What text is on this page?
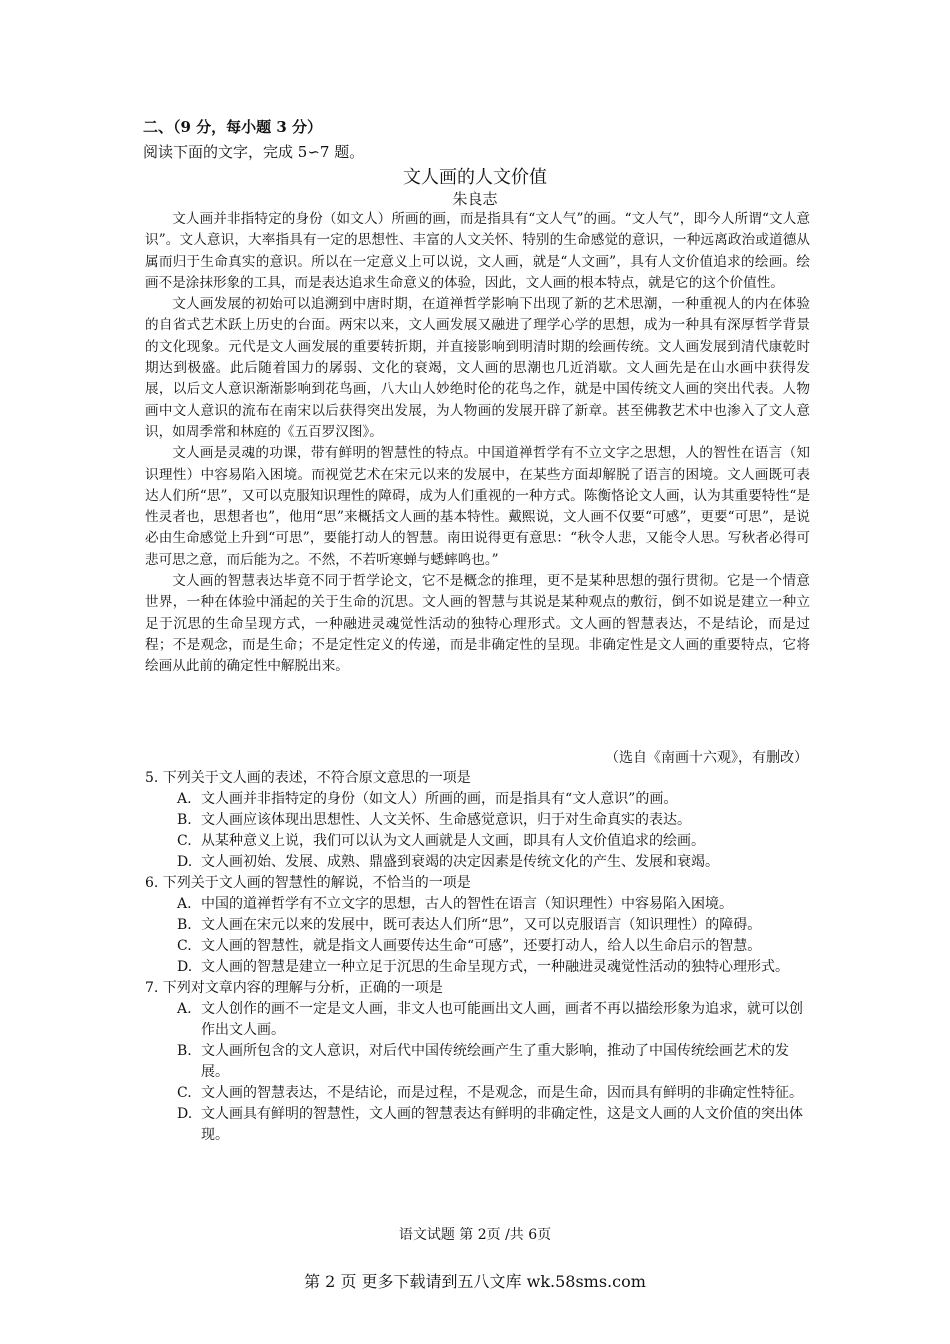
二、（9 分，每小题 3 分）
阅读下面的文字，完成 5∽7 题。
文人画的人文价值
朱良志

文人画并非指特定的身份（如文人）所画的画，而是指具有“文人气”的画。“文人气”，即今人所谓“文人意识”。文人意识，大率指具有一定的思想性、丰富的人文关怀、特别的生命感觉的意识，一种远离政治或道德从属而归于生命真实的意识。所以在一定意义上可以说，文人画，就是“人文画”，具有人文价值追求的绘画。绘画不是涂抹形象的工具，而是表达追求生命意义的体验，因此，文人画的根本特点，就是它的这个价值性。

文人画发展的初始可以追溯到中唐时期，在道禅哲学影响下出现了新的艺术思潮，一种重视人的内在体验的自省式艺术跃上历史的台面。两宋以来，文人画发展又融进了理学心学的思想，成为一种具有深厚哲学背景的文化现象。元代是文人画发展的重要转折期，并直接影响到明清时期的绘画传统。文人画发展到清代康乾时期达到极盛。此后随着国力的孱弱、文化的衰竭，文人画的思潮也几近消歇。文人画先是在山水画中获得发展，以后文人意识渐渐影响到花鸟画，八大山人妙绝时伦的花鸟之作，就是中国传统文人画的突出代表。人物画中文人意识的流布在南宋以后获得突出发展，为人物画的发展开辟了新章。甚至佛教艺术中也渗入了文人意识，如周季常和林庭的《五百罗汉图》。

文人画是灵魂的功课，带有鲜明的智慧性的特点。中国道禅哲学有不立文字之思想，人的智性在语言（知识理性）中容易陷入困境。而视觉艺术在宋元以来的发展中，在某些方面却解脱了语言的困境。文人画既可表达人们所“思”，又可以克服知识理性的障碍，成为人们重视的一种方式。陈衡恪论文人画，认为其重要特性“是性灵者也，思想者也”，他用“思”来概括文人画的基本特性。戴熙说，文人画不仅要“可感”，更要“可思”，是说必由生命感觉上升到“可思”，要能打动人的智慧。南田说得更有意思：“秋令人悲，又能令人思。写秋者必得可悲可思之意，而后能为之。不然，不若听寒蝉与蟋蟀鸣也。”

文人画的智慧表达毕竟不同于哲学论文，它不是概念的推理，更不是某种思想的强行贯彻。它是一个情意世界，一种在体验中涌起的关于生命的沉思。文人画的智慧与其说是某种观点的敷衍，倒不如说是建立一种立足于沉思的生命呈现方式，一种融进灵魂觉性活动的独特心理形式。文人画的智慧表达，不是结论，而是过程；不是观念，而是生命；不是定性定义的传递，而是非确定性的呈现。非确定性是文人画的重要特点，它将绘画从此前的确定性中解脱出来。

（选自《南画十六观》，有删改）

5. 下列关于文人画的表述，不符合原文意思的一项是

A. 文人画并非指特定的身份（如文人）所画的画，而是指具有“文人意识”的画。
B. 文人画应该体现出思想性、人文关怀、生命感觉意识，归于对生命真实的表达。
C. 从某种意义上说，我们可以认为文人画就是人文画，即具有人文价值追求的绘画。
D. 文人画初始、发展、成熟、鼎盛到衰竭的决定因素是传统文化的产生、发展和衰竭。

6. 下列关于文人画的智慧性的解说，不恰当的一项是

A. 中国的道禅哲学有不立文字的思想，古人的智性在语言（知识理性）中容易陷入困境。
B. 文人画在宋元以来的发展中，既可表达人们所“思”，又可以克服语言（知识理性）的障碍。
C. 文人画的智慧性，就是指文人画要传达生命“可感”，还要打动人，给人以生命启示的智慧。
D. 文人画的智慧是建立一种立足于沉思的生命呈现方式，一种融进灵魂觉性活动的独特心理形式。

7. 下列对文章内容的理解与分析，正确的一项是

A. 文人创作的画不一定是文人画，非文人也可能画出文人画，画者不再以描绘形象为追求，就可以创作出文人画。
B. 文人画所包含的文人意识，对后代中国传统绘画产生了重大影响，推动了中国传统绘画艺术的发展。
C. 文人画的智慧表达，不是结论，而是过程，不是观念，而是生命，因而具有鲜明的非确定性特征。
D. 文人画具有鲜明的智慧性，文人画的智慧表达有鲜明的非确定性，这是文人画的人文价值的突出体现。
语文试题 第 2页 /共 6页
第 2 页 更多下载请到五八文库 wk.58sms.com
